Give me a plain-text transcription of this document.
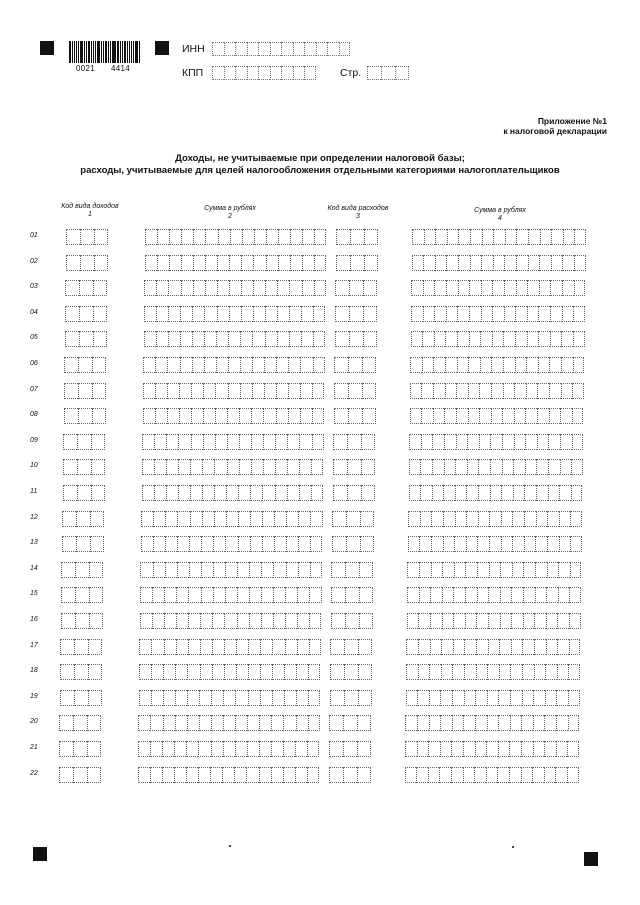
0021 4414
ИНН
КПП	Стр.
Приложение №1
к налоговой декларации
Доходы, не учитываемые при определении налоговой базы;
расходы, учитываемые для целей налогообложения отдельными категориями налогоплательщиков
Код вида доходов
1
Сумма в рублях
2
Код вида расходов
3
Сумма в рублях
4
01
02
03
04
05
06
07
08
09
10
11
12
13
14
15
16
17
18
19
20
21
22
